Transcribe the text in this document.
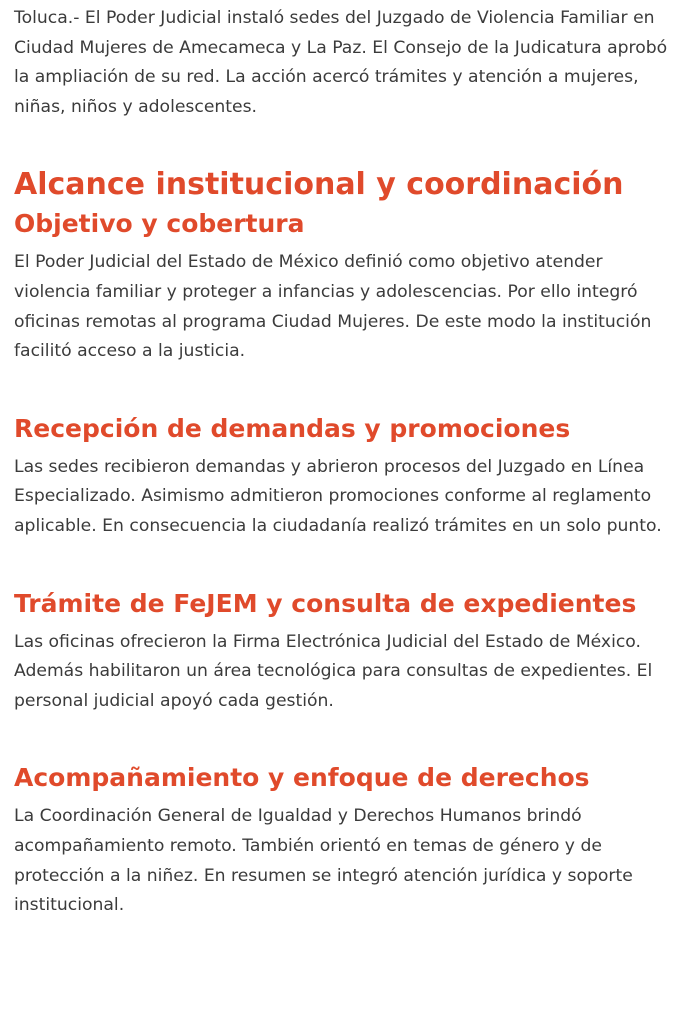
Toluca.- El Poder Judicial instaló sedes del Juzgado de Violencia Familiar en Ciudad Mujeres de Amecameca y La Paz. El Consejo de la Judicatura aprobó la ampliación de su red. La acción acercó trámites y atención a mujeres, niñas, niños y adolescentes.

Alcance institucional y coordinación
Objetivo y cobertura

El Poder Judicial del Estado de México definió como objetivo atender violencia familiar y proteger a infancias y adolescencias. Por ello integró oficinas remotas al programa Ciudad Mujeres. De este modo la institución facilitó acceso a la justicia.

Recepción de demandas y promociones

Las sedes recibieron demandas y abrieron procesos del Juzgado en Línea Especializado. Asimismo admitieron promociones conforme al reglamento aplicable. En consecuencia la ciudadanía realizó trámites en un solo punto.

Trámite de FeJEM y consulta de expedientes

Las oficinas ofrecieron la Firma Electrónica Judicial del Estado de México. Además habilitaron un área tecnológica para consultas de expedientes. El personal judicial apoyó cada gestión.

Acompañamiento y enfoque de derechos

La Coordinación General de Igualdad y Derechos Humanos brindó acompañamiento remoto. También orientó en temas de género y de protección a la niñez. En resumen se integró atención jurídica y soporte institucional.
